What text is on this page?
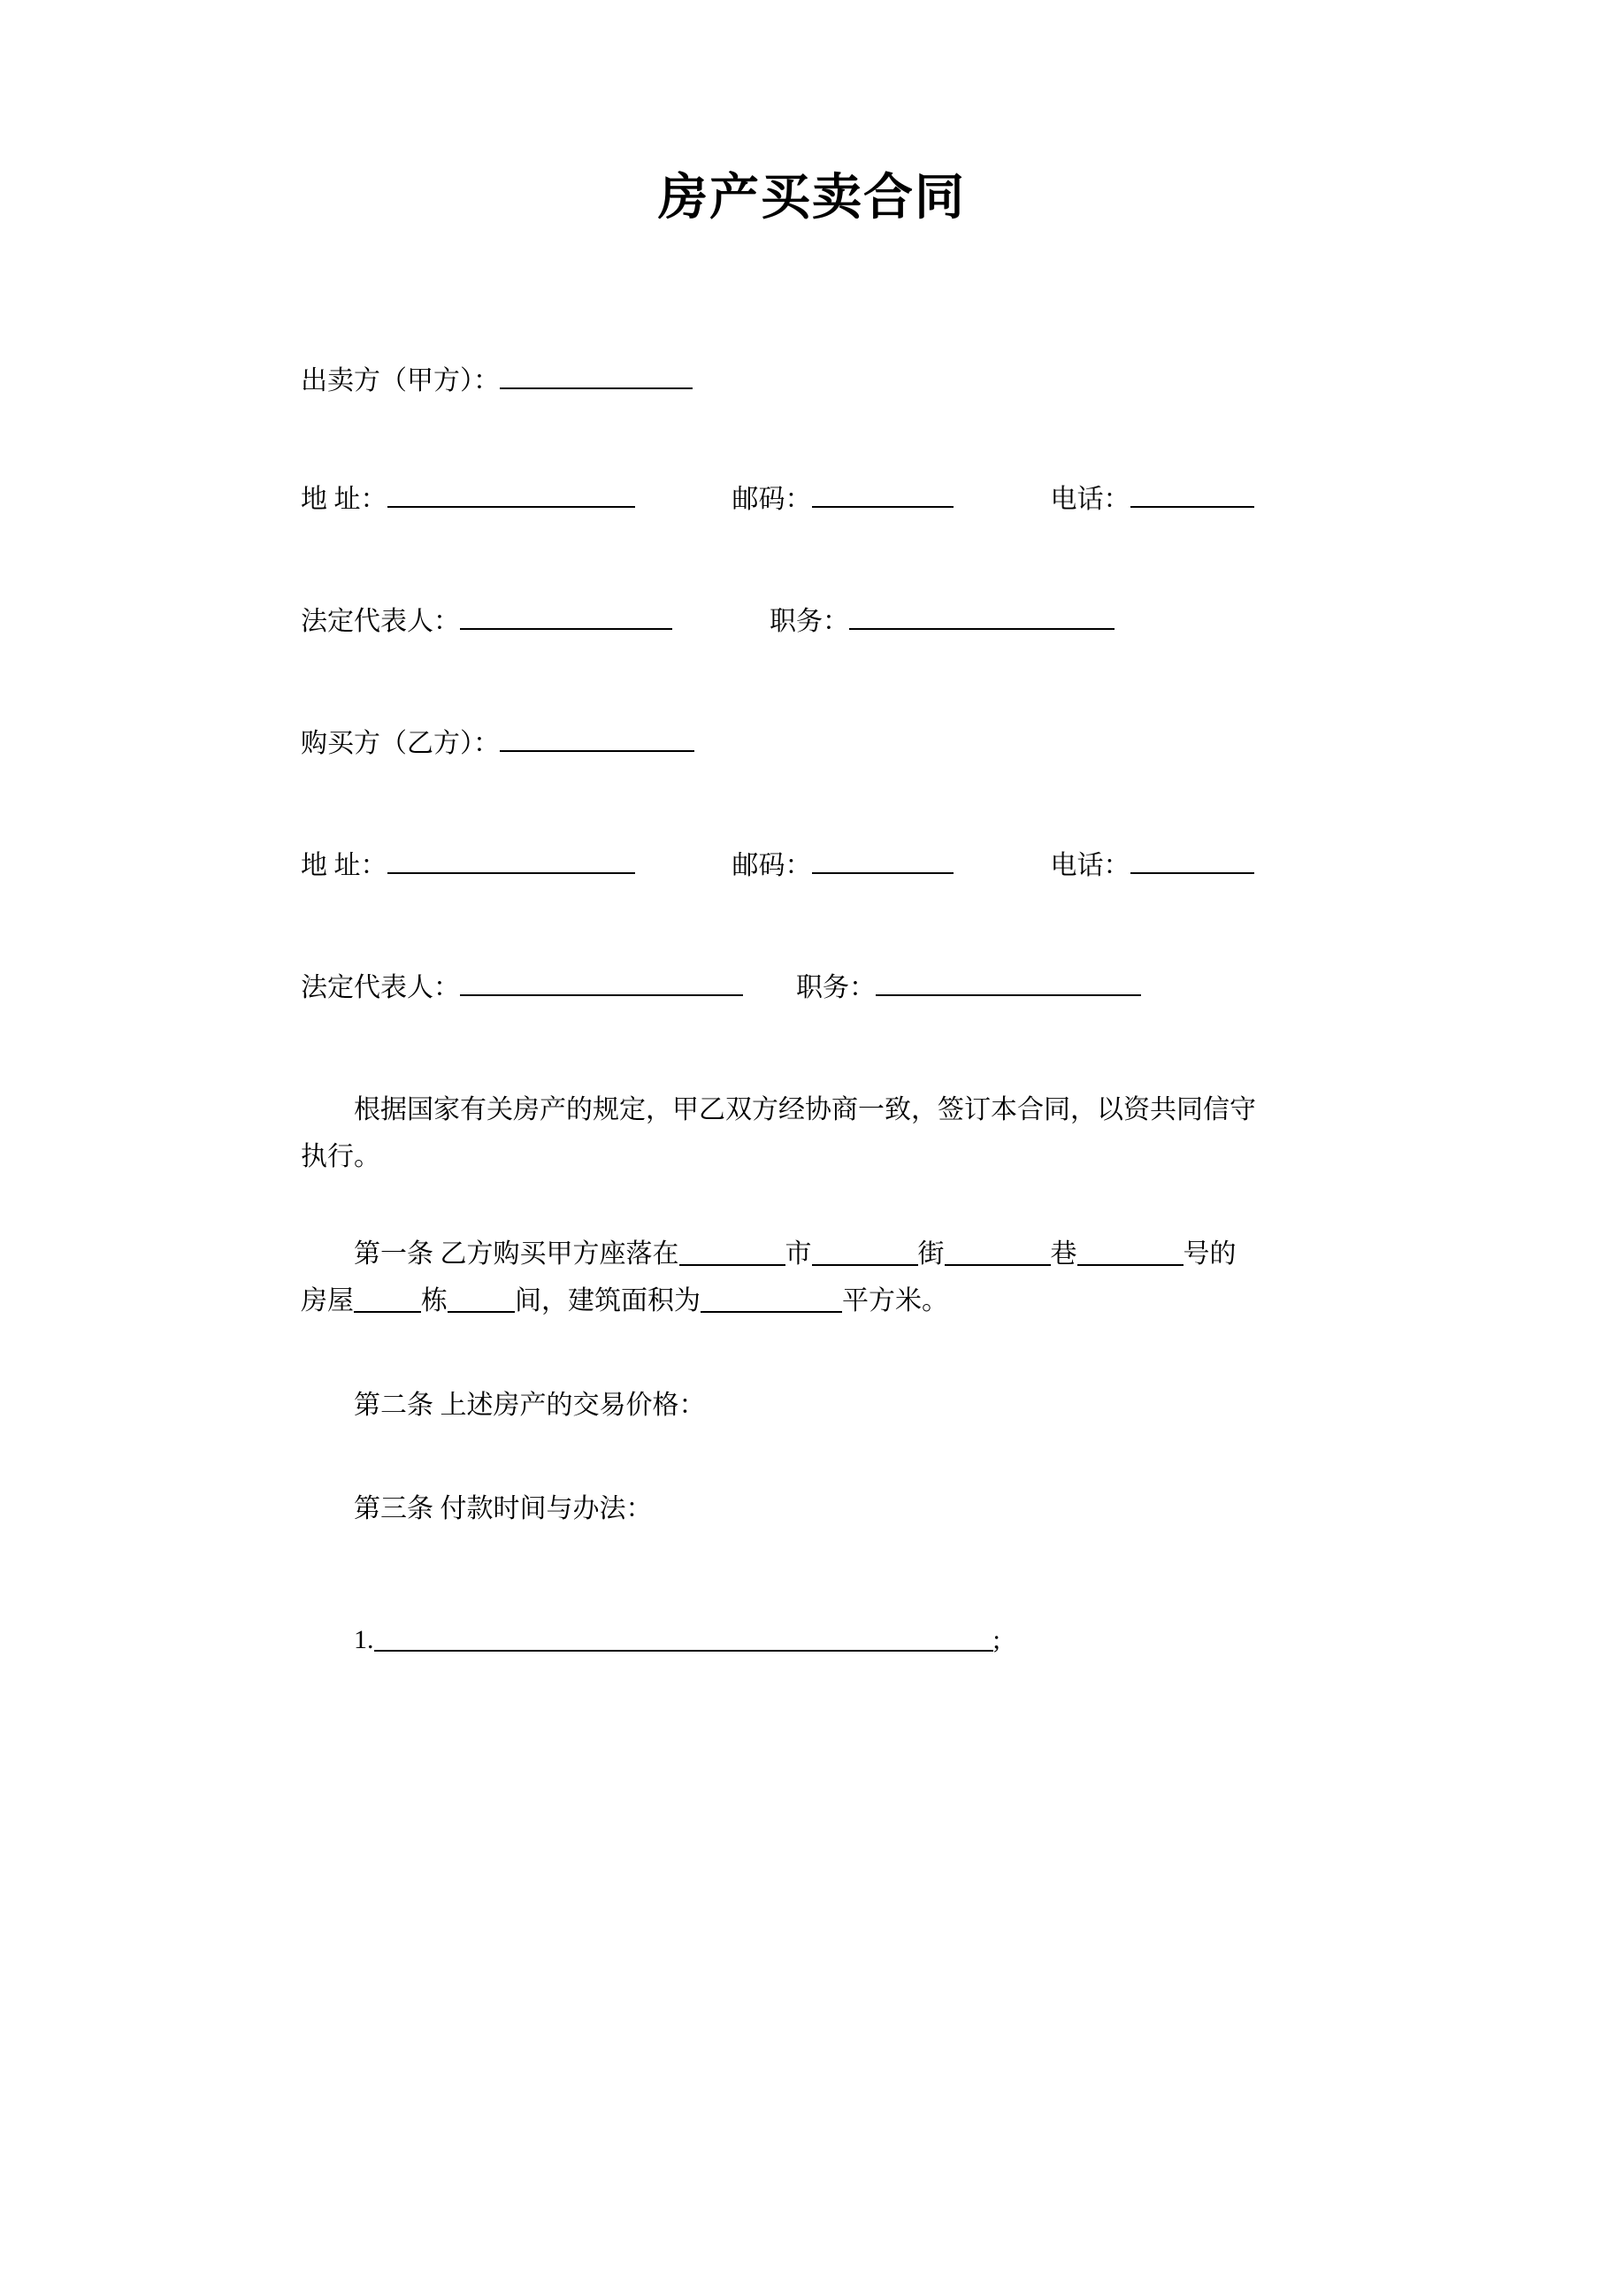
房产买卖合同
出卖方（甲方）：
地 址：	邮码：	电话：
法定代表人：	职务：
购买方（乙方）：
地 址：	邮码：	电话：
法定代表人：	职务：
根据国家有关房产的规定，甲乙双方经协商一致，签订本合同，以资共同信守
执行。
第一条 乙方购买甲方座落在	市	街	巷	号的
房屋	栋	间，建筑面积为	平方米。
第二条 上述房产的交易价格：
第三条 付款时间与办法：
1.	;
